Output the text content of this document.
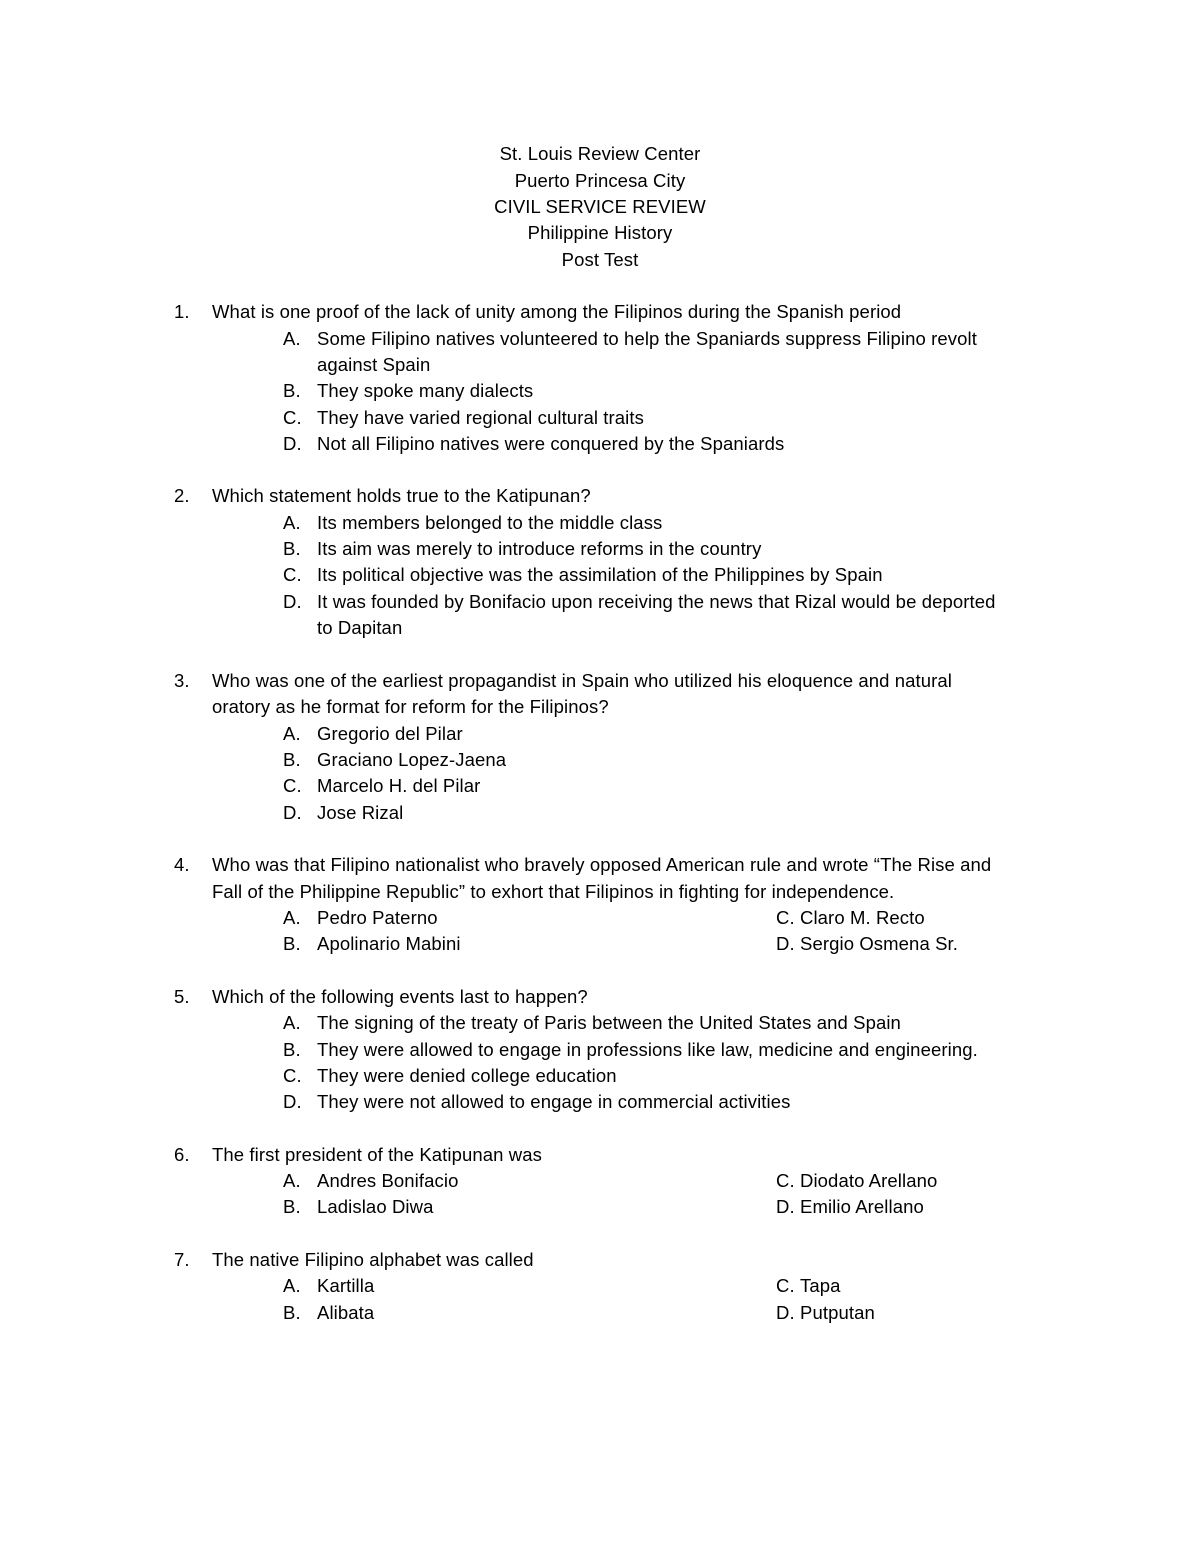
St. Louis Review Center
Puerto Princesa City
CIVIL SERVICE REVIEW
Philippine History
Post Test
1. What is one proof of the lack of unity among the Filipinos during the Spanish period
A. Some Filipino natives volunteered to help the Spaniards suppress Filipino revolt
against Spain
B. They spoke many dialects
C. They have varied regional cultural traits
D. Not all Filipino natives were conquered by the Spaniards
2. Which statement holds true to the Katipunan?
A. Its members belonged to the middle class
B. Its aim was merely to introduce reforms in the country
C. Its political objective was the assimilation of the Philippines by Spain
D. It was founded by Bonifacio upon receiving the news that Rizal would be deported
to Dapitan
3. Who was one of the earliest propagandist in Spain who utilized his eloquence and natural
oratory as he format for reform for the Filipinos?
A. Gregorio del Pilar
B. Graciano Lopez-Jaena
C. Marcelo H. del Pilar
D. Jose Rizal
4. Who was that Filipino nationalist who bravely opposed American rule and wrote “The Rise and
Fall of the Philippine Republic” to exhort that Filipinos in fighting for independence.
A. Pedro Paterno
B. Apolinario Mabini
C. Claro M. Recto
D. Sergio Osmena Sr.
5. Which of the following events last to happen?
A. The signing of the treaty of Paris between the United States and Spain
B. They were allowed to engage in professions like law, medicine and engineering.
C. They were denied college education
D. They were not allowed to engage in commercial activities
6. The first president of the Katipunan was
A. Andres Bonifacio
B. Ladislao Diwa
C. Diodato Arellano
D. Emilio Arellano
7. The native Filipino alphabet was called
A. Kartilla
B. Alibata
C. Tapa
D. Putputan
